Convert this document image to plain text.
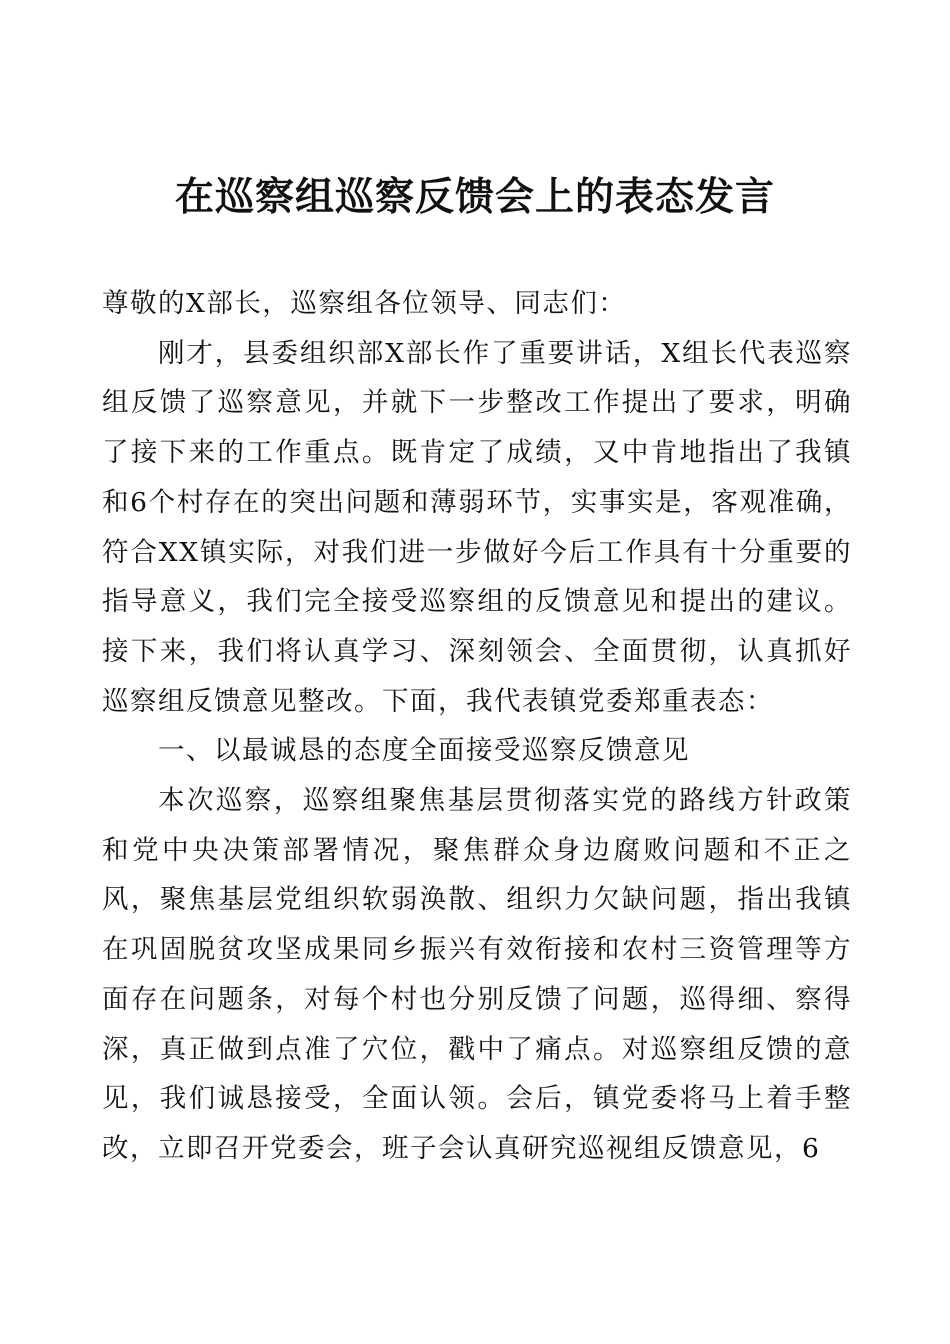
在巡察组巡察反馈会上的表态发言

尊敬的X部长，巡察组各位领导、同志们：

刚才，县委组织部X部长作了重要讲话，X组长代表巡察组反馈了巡察意见，并就下一步整改工作提出了要求，明确了接下来的工作重点。既肯定了成绩，又中肯地指出了我镇和6个村存在的突出问题和薄弱环节，实事实是，客观准确，符合XX镇实际，对我们进一步做好今后工作具有十分重要的指导意义，我们完全接受巡察组的反馈意见和提出的建议。接下来，我们将认真学习、深刻领会、全面贯彻，认真抓好巡察组反馈意见整改。下面，我代表镇党委郑重表态：

一、以最诚恳的态度全面接受巡察反馈意见

本次巡察，巡察组聚焦基层贯彻落实党的路线方针政策和党中央决策部署情况，聚焦群众身边腐败问题和不正之风，聚焦基层党组织软弱涣散、组织力欠缺问题，指出我镇在巩固脱贫攻坚成果同乡振兴有效衔接和农村三资管理等方面存在问题条，对每个村也分别反馈了问题，巡得细、察得深，真正做到点准了穴位，戳中了痛点。对巡察组反馈的意见，我们诚恳接受，全面认领。会后，镇党委将马上着手整改，立即召开党委会，班子会认真研究巡视组反馈意见，6
